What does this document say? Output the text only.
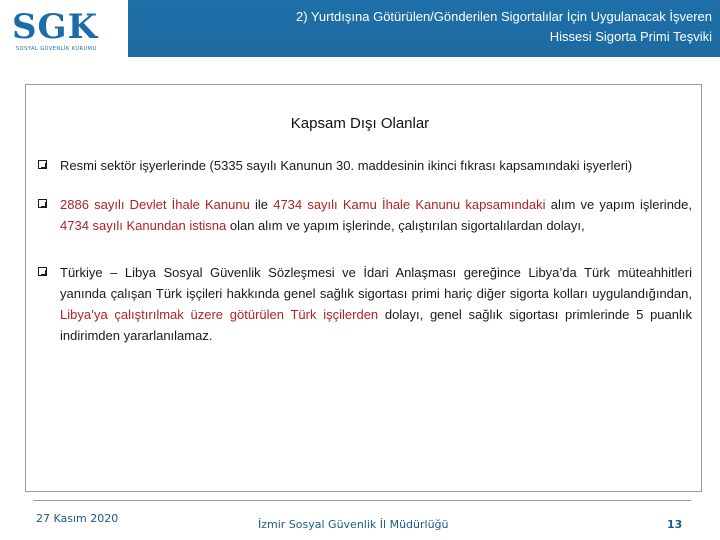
SGK
SOSYAL GÜVENLİK KURUMU
2) Yurtdışına Götürülen/Gönderilen Sigortalılar İçin Uygulanacak İşveren
Hissesi Sigorta Primi Teşviki
Kapsam Dışı Olanlar
Resmi sektör işyerlerinde (5335 sayılı Kanunun 30. maddesinin ikinci fıkrası kapsamındaki işyerleri)
2886 sayılı Devlet İhale Kanunu ile 4734 sayılı Kamu İhale Kanunu kapsamındaki alım ve yapım işlerinde, 4734 sayılı Kanundan istisna olan alım ve yapım işlerinde, çalıştırılan sigortalılardan dolayı,
Türkiye – Libya Sosyal Güvenlik Sözleşmesi ve İdari Anlaşması gereğince Libya’da Türk müteahhitleri yanında çalışan Türk işçileri hakkında genel sağlık sigortası primi hariç diğer sigorta kolları uygulandığından, Libya’ya çalıştırılmak üzere götürülen Türk işçilerden dolayı, genel sağlık sigortası primlerinde 5 puanlık indirimden yararlanılamaz.
27 Kasım 2020	İzmir Sosyal Güvenlik İl Müdürlüğü	13
